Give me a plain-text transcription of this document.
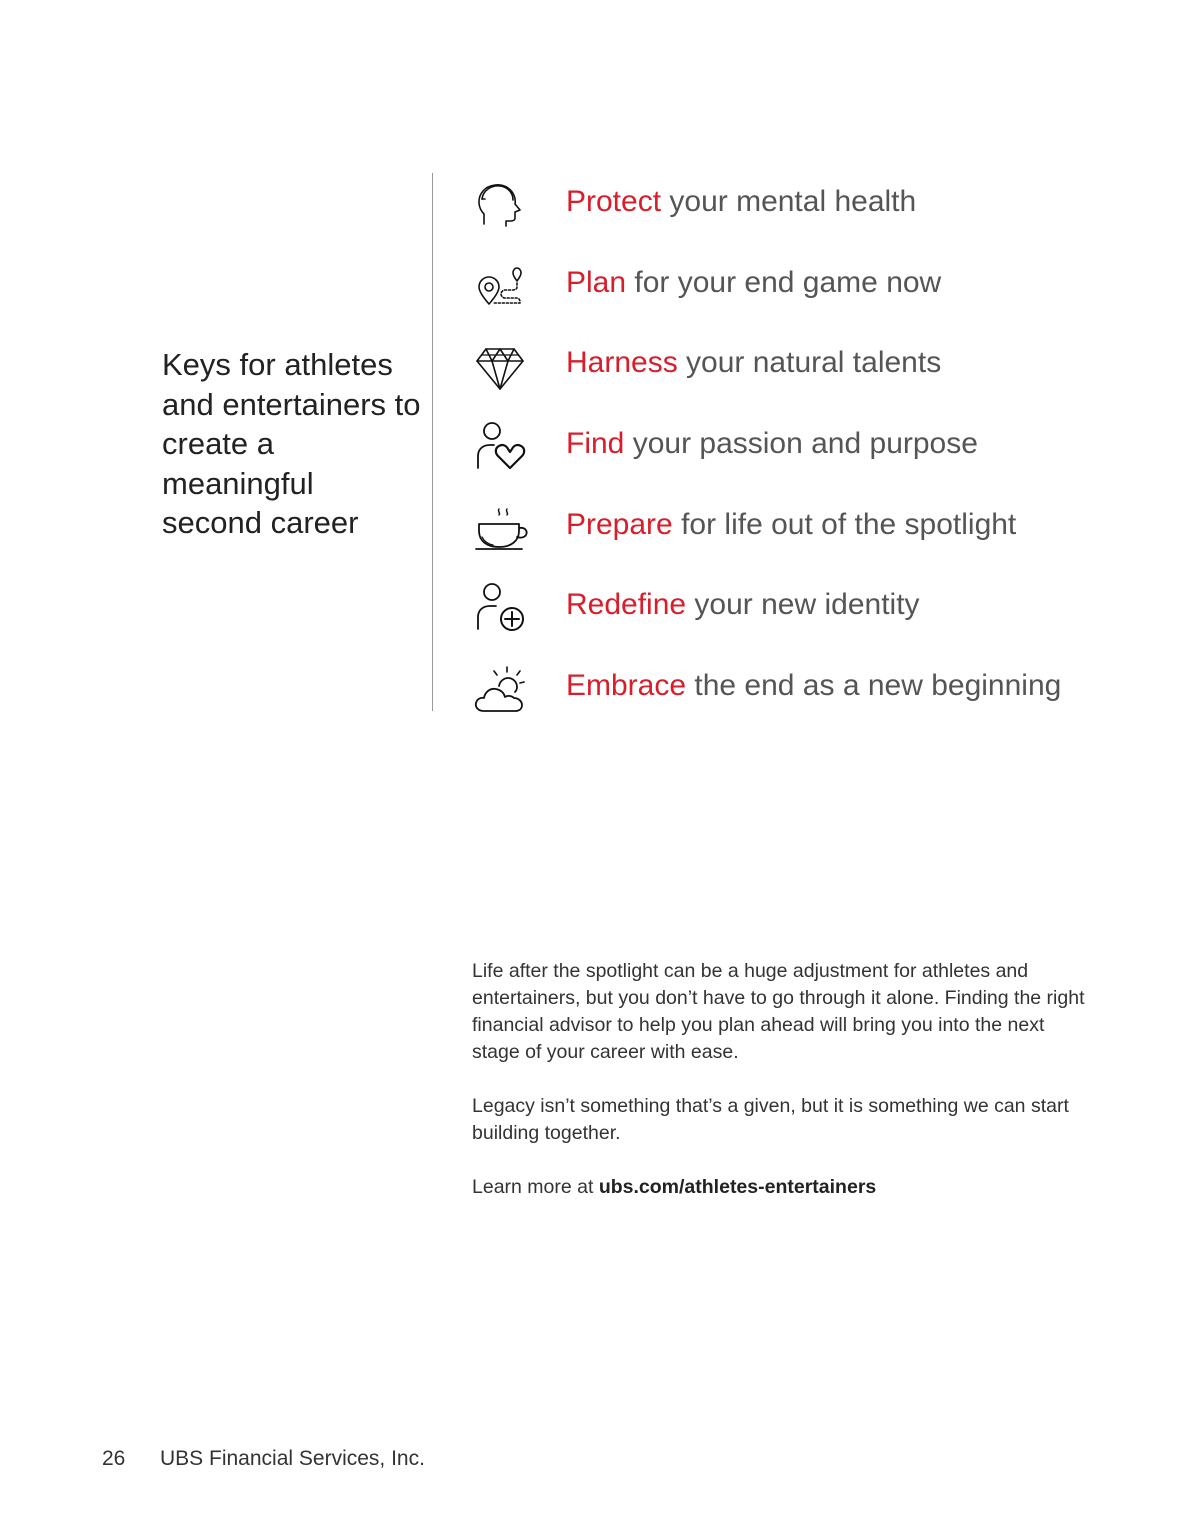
Keys for athletes and entertainers to create a meaningful second career
Protect your mental health
Plan for your end game now
Harness your natural talents
Find your passion and purpose
Prepare for life out of the spotlight
Redefine your new identity
Embrace the end as a new beginning

Life after the spotlight can be a huge adjustment for athletes and entertainers, but you don’t have to go through it alone. Finding the right financial advisor to help you plan ahead will bring you into the next stage of your career with ease.

Legacy isn’t something that’s a given, but it is something we can start building together.

Learn more at ubs.com/athletes-entertainers

26 UBS Financial Services, Inc.
